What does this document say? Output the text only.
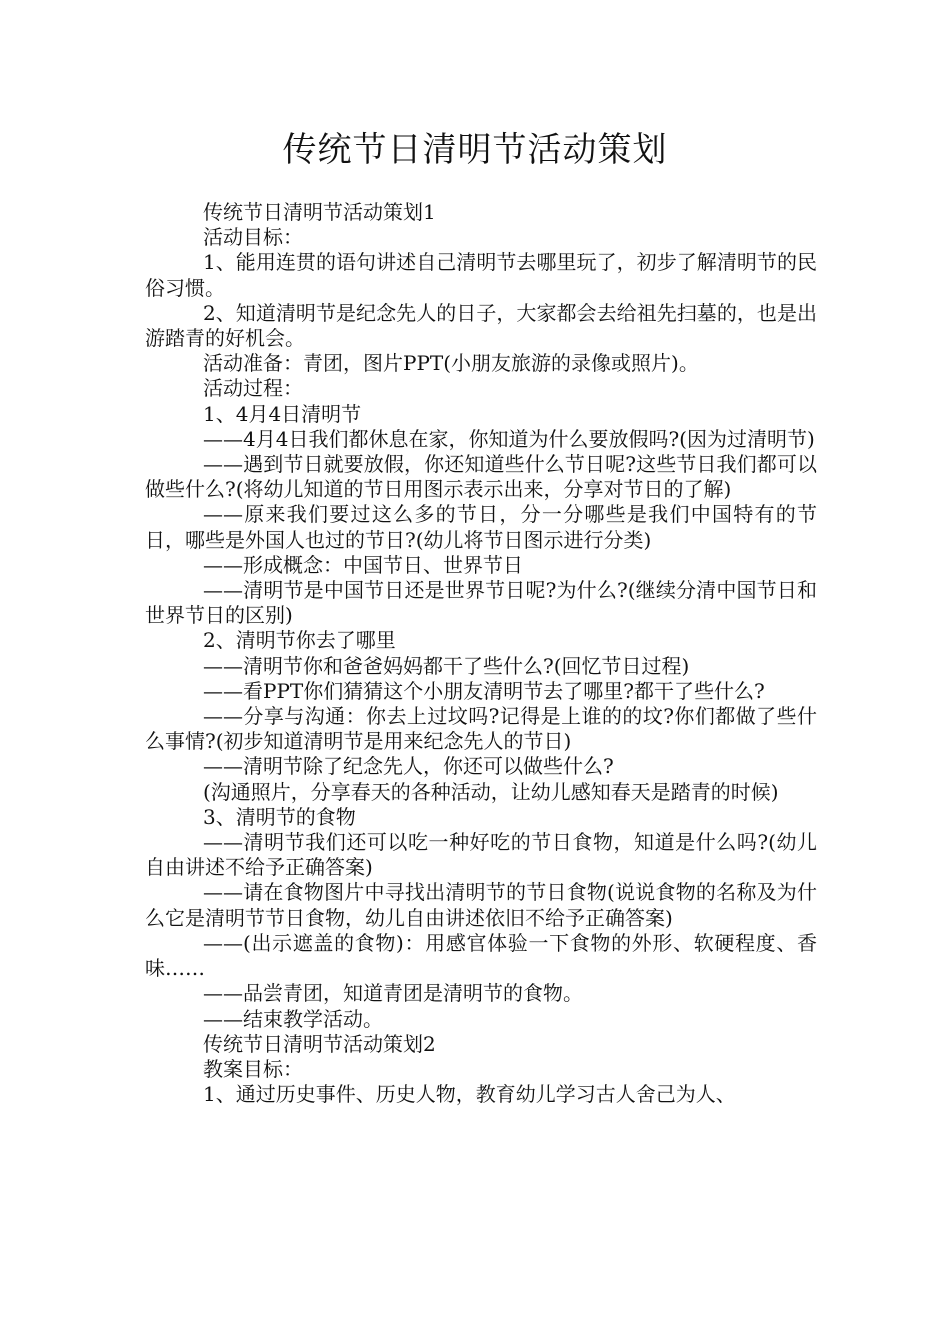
传统节日清明节活动策划

传统节日清明节活动策划1

活动目标：

1、能用连贯的语句讲述自己清明节去哪里玩了，初步了解清明节的民俗习惯。

2、知道清明节是纪念先人的日子，大家都会去给祖先扫墓的，也是出游踏青的好机会。

活动准备：青团，图片PPT(小朋友旅游的录像或照片)。

活动过程：

1、4月4日清明节

——4月4日我们都休息在家，你知道为什么要放假吗?(因为过清明节)

——遇到节日就要放假，你还知道些什么节日呢?这些节日我们都可以做些什么?(将幼儿知道的节日用图示表示出来，分享对节日的了解)

——原来我们要过这么多的节日，分一分哪些是我们中国特有的节日，哪些是外国人也过的节日?(幼儿将节日图示进行分类)

——形成概念：中国节日、世界节日

——清明节是中国节日还是世界节日呢?为什么?(继续分清中国节日和世界节日的区别)

2、清明节你去了哪里

——清明节你和爸爸妈妈都干了些什么?(回忆节日过程)

——看PPT你们猜猜这个小朋友清明节去了哪里?都干了些什么?

——分享与沟通：你去上过坟吗?记得是上谁的的坟?你们都做了些什么事情?(初步知道清明节是用来纪念先人的节日)

——清明节除了纪念先人，你还可以做些什么?

(沟通照片，分享春天的各种活动，让幼儿感知春天是踏青的时候)

3、清明节的食物

——清明节我们还可以吃一种好吃的节日食物，知道是什么吗?(幼儿自由讲述不给予正确答案)

——请在食物图片中寻找出清明节的节日食物(说说食物的名称及为什么它是清明节节日食物，幼儿自由讲述依旧不给予正确答案)

——(出示遮盖的食物)：用感官体验一下食物的外形、软硬程度、香味……

——品尝青团，知道青团是清明节的食物。

——结束教学活动。

传统节日清明节活动策划2

教案目标：

1、通过历史事件、历史人物，教育幼儿学习古人舍己为人、
